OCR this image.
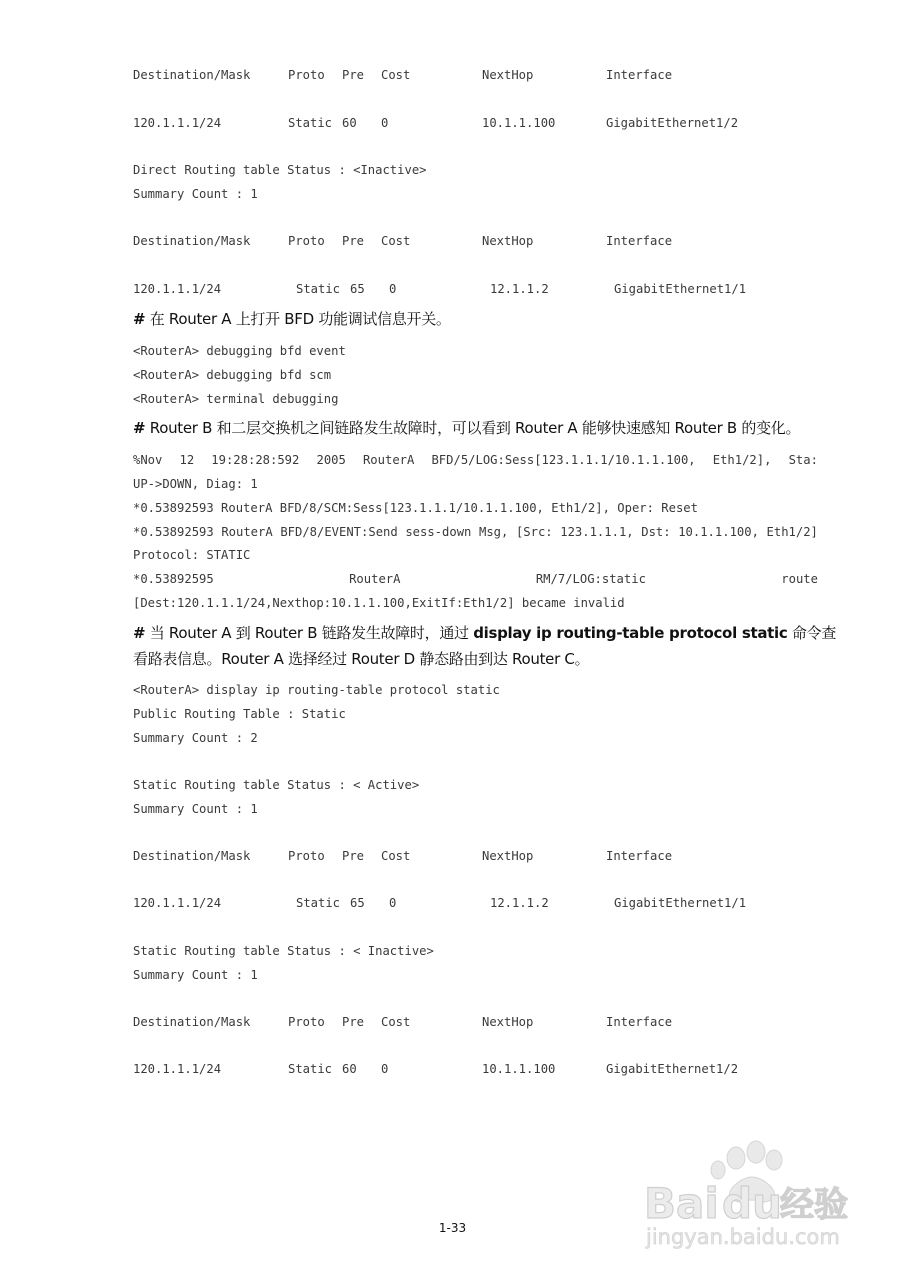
Destination/Mask	Proto Pre Cost	NextHop	Interface
120.1.1.1/24	Static 60 0	10.1.1.100	GigabitEthernet1/2
Direct Routing table Status : <Inactive>
Summary Count : 1
Destination/Mask	Proto Pre Cost	NextHop	Interface
120.1.1.1/24	Static 65 0	12.1.1.2	GigabitEthernet1/1
# 在 Router A 上打开 BFD 功能调试信息开关。
<RouterA> debugging bfd event
<RouterA> debugging bfd scm
<RouterA> terminal debugging
# Router B 和二层交换机之间链路发生故障时，可以看到 Router A 能够快速感知 Router B 的变化。
%Nov 12 19:28:28:592 2005 RouterA BFD/5/LOG:Sess[123.1.1.1/10.1.1.100, Eth1/2], Sta:
UP->DOWN, Diag: 1
*0.53892593 RouterA BFD/8/SCM:Sess[123.1.1.1/10.1.1.100, Eth1/2], Oper: Reset
*0.53892593 RouterA BFD/8/EVENT:Send sess-down Msg, [Src: 123.1.1.1, Dst: 10.1.1.100, Eth1/2]
Protocol: STATIC
*0.53892595	RouterA	RM/7/LOG:static	route
[Dest:120.1.1.1/24,Nexthop:10.1.1.100,ExitIf:Eth1/2] became invalid
# 当 Router A 到 Router B 链路发生故障时，通过 display ip routing-table protocol static 命令查
看路表信息。Router A 选择经过 Router D 静态路由到达 Router C。
<RouterA> display ip routing-table protocol static
Public Routing Table : Static
Summary Count : 2
Static Routing table Status : < Active>
Summary Count : 1
Destination/Mask	Proto Pre Cost	NextHop	Interface
120.1.1.1/24	Static 65 0	12.1.1.2	GigabitEthernet1/1
Static Routing table Status : < Inactive>
Summary Count : 1
Destination/Mask	Proto Pre Cost	NextHop	Interface
120.1.1.1/24	Static 60 0	10.1.1.100	GigabitEthernet1/2
Bai du
经验
jingyan.baidu.com
1-33
